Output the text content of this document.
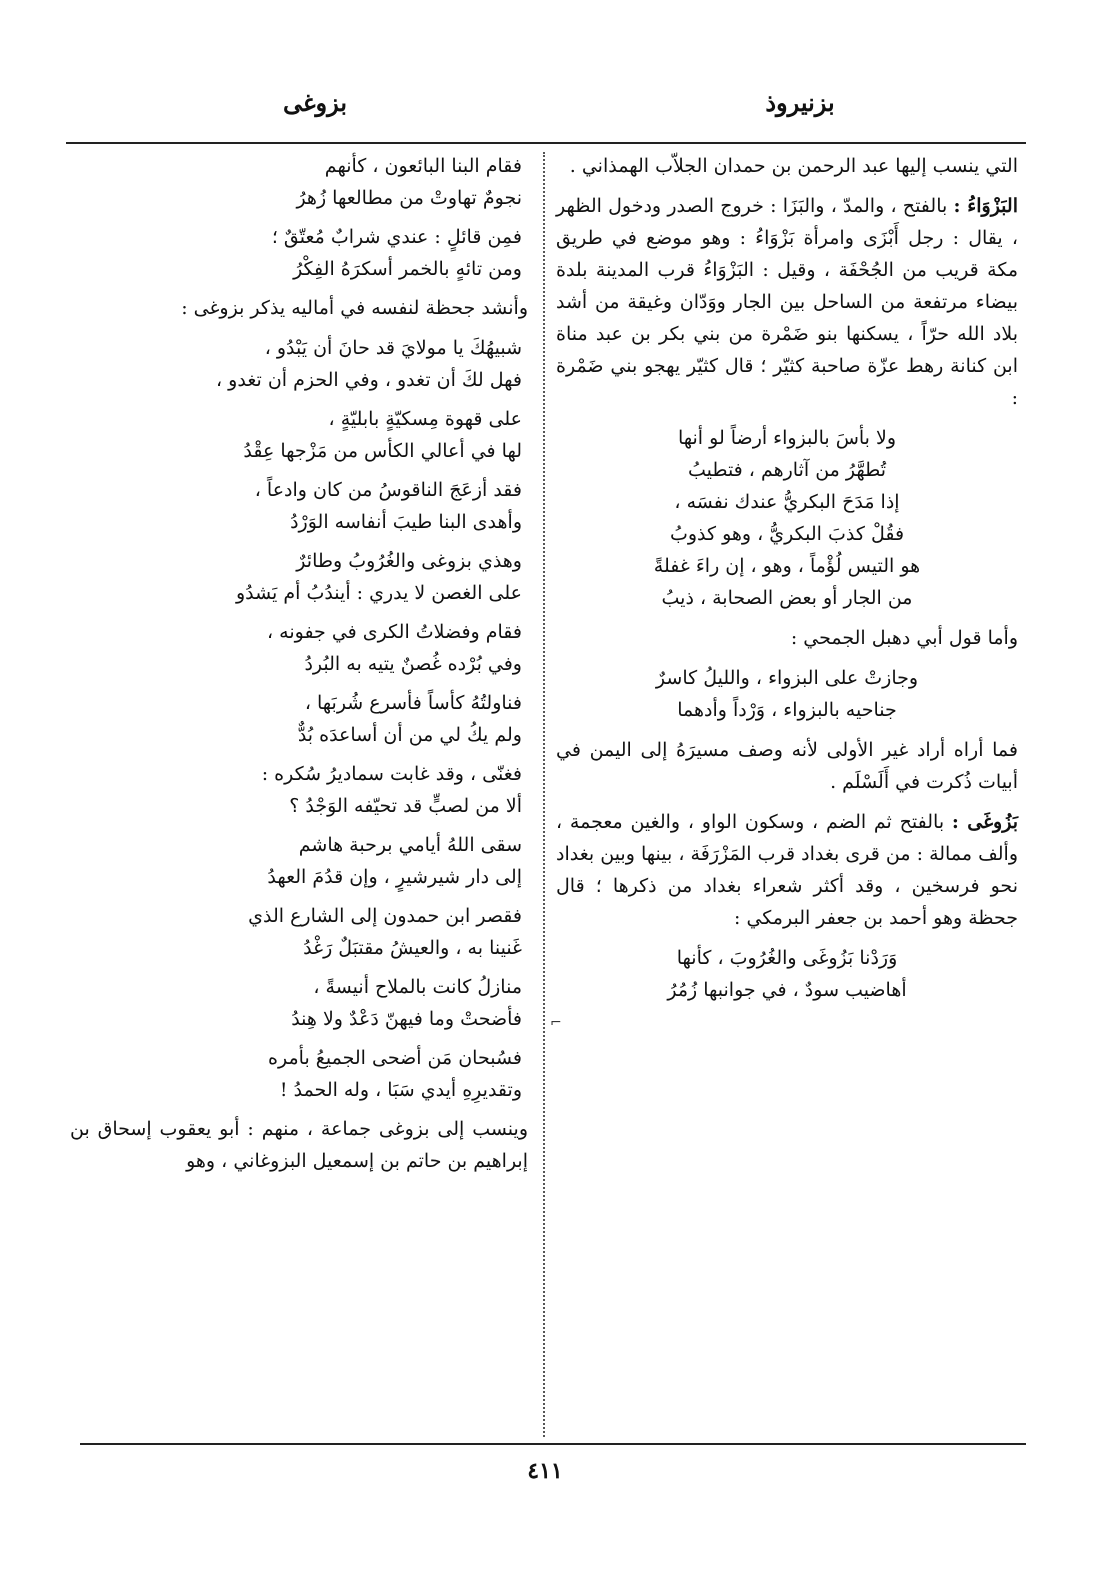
بزنيروذ
بزوغى

التي ينسب إليها عبد الرحمن بن حمدان الجلاّب الهمذاني .

البَزْوَاءُ : بالفتح ، والمدّ ، والبَزَا : خروج الصدر ودخول الظهر ، يقال : رجل أَبْزَى وامرأة بَزْوَاءُ : وهو موضع في طريق مكة قريب من الجُحْفَة ، وقيل : البَزْوَاءُ قرب المدينة بلدة بيضاء مرتفعة من الساحل بين الجار ووَدّان وغيقة من أشد بلاد الله حرّاً ، يسكنها بنو ضَمْرة من بني بكر بن عبد مناة ابن كنانة رهط عزّة صاحبة كثيّر ؛ قال كثيّر يهجو بني ضَمْرة :

ولا بأسَ بالبزواء أرضاً لو أنها
تُطهَّرُ من آثارهم ، فتطيبُ
إذا مَدَحَ البكريُّ عندك نفسَه ،
فقُلْ كذبَ البكريُّ ، وهو كذوبُ
هو التيس لُؤْماً ، وهو ، إن راءَ غفلةً
من الجار أو بعض الصحابة ، ذيبُ

وأما قول أبي دهبل الجمحي :

وجازتْ على البزواء ، والليلُ كاسرٌ
جناحيه بالبزواء ، وَرْداً وأدهما

فما أراه أراد غير الأولى لأنه وصف مسيرَهُ إلى اليمن في أبيات ذُكرت في أَلَسْلَم .

بَزُوغَى : بالفتح ثم الضم ، وسكون الواو ، والغين معجمة ، وألف ممالة : من قرى بغداد قرب المَزْرَفَة ، بينها وبين بغداد نحو فرسخين ، وقد أكثر شعراء بغداد من ذكرها ؛ قال جحظة وهو أحمد بن جعفر البرمكي :

وَرَدْنا بَزُوغَى والغُرُوبَ ، كأنها
أهاضيب سودٌ ، في جوانبها زُمُرُ
فقام البنا البائعون ، كأنهم
نجومٌ تهاوتْ من مطالعها زُهرُ
فمِن قائلٍ : عندي شرابٌ مُعتّقٌ ؛
ومن تائهٍ بالخمر أسكرَهُ الفِكْرُ

وأنشد جحظة لنفسه في أماليه يذكر بزوغى :

شبيهُكَ يا مولايَ قد حانَ أن يَبْدُو ،
فهل لكَ أن تغدو ، وفي الحزم أن تغدو ،
على قهوة مِسكيّةٍ بابليّةٍ ،
لها في أعالي الكأس من مَزْجها عِقْدُ
فقد أزعَجَ الناقوسُ من كان وادعاً ،
وأهدى البنا طيبَ أنفاسه الوَرْدُ
وهذي بزوغى والغُرُوبُ وطائرٌ
على الغصن لا يدري : أيندُبُ أم يَشدُو
فقام وفضلاتُ الكرى في جفونه ،
وفي بُرْده غُصنٌ يتيه به البُردُ
فناولتُهُ كأساً فأسرع شُربَها ،
ولم يكُ لي من أن أساعدَه بُدٌّ
فغنّى ، وقد غابت سماديرُ سُكره :
ألا من لصبٍّ قد تحيّفه الوَجْدُ ؟
سقى اللهُ أيامي برحبة هاشم
إلى دار شيرشيرٍ ، وإن قدُمَ العهدُ
فقصر ابن حمدون إلى الشارع الذي
غَنينا به ، والعيشُ مقتبَلٌ رَغْدُ
منازلُ كانت بالملاح أنيسةً ،
فأضحتْ وما فيهنّ دَعْدٌ ولا هِندُ
فسُبحان مَن أضحى الجميعُ بأمره
وتقديرِهِ أيدي سَبَا ، وله الحمدُ !

وينسب إلى بزوغى جماعة ، منهم : أبو يعقوب إسحاق بن إبراهيم بن حاتم بن إسمعيل البزوغاني ، وهو

⌐
٤١١
